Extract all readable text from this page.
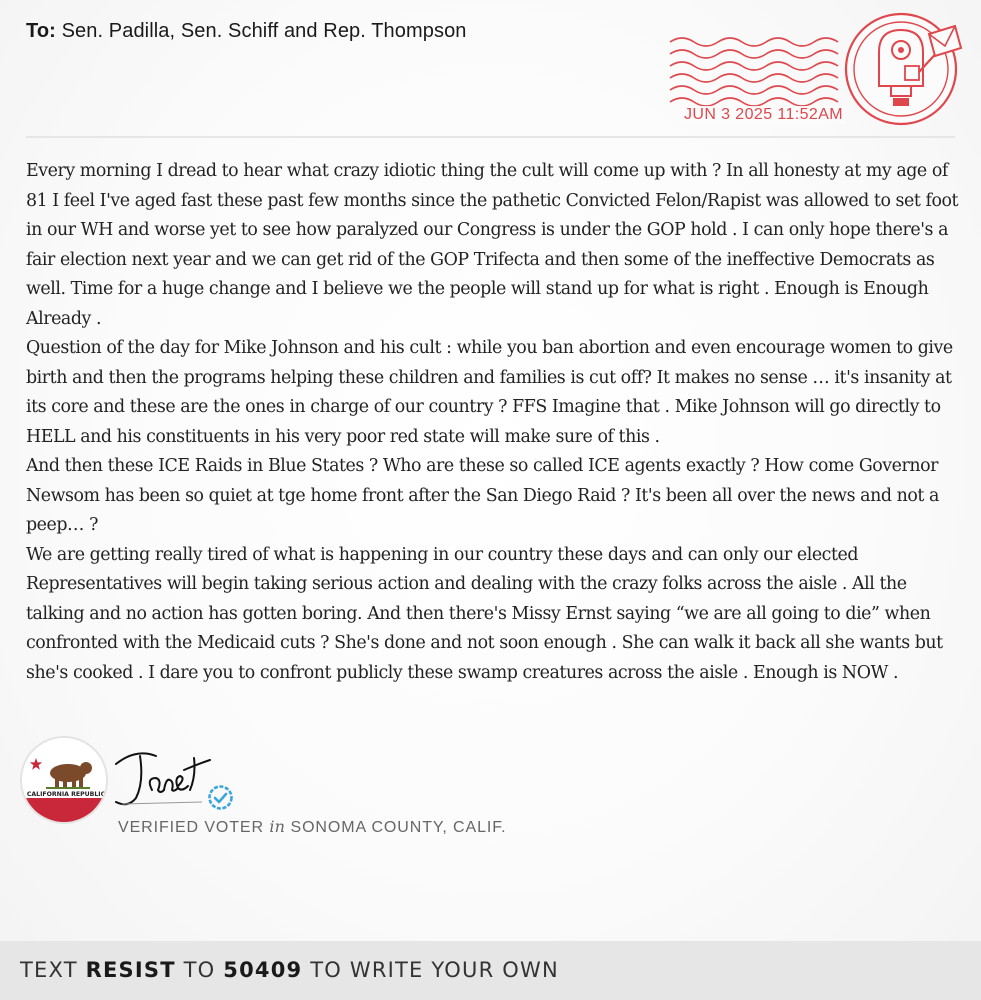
To: Sen. Padilla, Sen. Schiff and Rep. Thompson
JUN 3 2025 11:52AM

Every morning I dread to hear what crazy idiotic thing the cult will come up with ? In all honesty at my age of 81 I feel I've aged fast these past few months since the pathetic Convicted Felon/Rapist was allowed to set foot in our WH and worse yet to see how paralyzed our Congress is under the GOP hold . I can only hope there's a fair election next year and we can get rid of the GOP Trifecta and then some of the ineffective Democrats as well. Time for a huge change and I believe we the people will stand up for what is right . Enough is Enough Already .

Question of the day for Mike Johnson and his cult : while you ban abortion and even encourage women to give birth and then the programs helping these children and families is cut off? It makes no sense … it's insanity at its core and these are the ones in charge of our country ? FFS Imagine that . Mike Johnson will go directly to HELL and his constituents in his very poor red state will make sure of this .

And then these ICE Raids in Blue States ? Who are these so called ICE agents exactly ? How come Governor Newsom has been so quiet at tge home front after the San Diego Raid ? It's been all over the news and not a peep… ?

We are getting really tired of what is happening in our country these days and can only our elected Representatives will begin taking serious action and dealing with the crazy folks across the aisle . All the talking and no action has gotten boring. And then there's Missy Ernst saying “we are all going to die” when confronted with the Medicaid cuts ? She's done and not soon enough . She can walk it back all she wants but she's cooked . I dare you to confront publicly these swamp creatures across the aisle . Enough is NOW .

CALIFORNIA REPUBLIC
VERIFIED VOTER in SONOMA COUNTY, CALIF.
TEXT RESIST TO 50409 TO WRITE YOUR OWN
